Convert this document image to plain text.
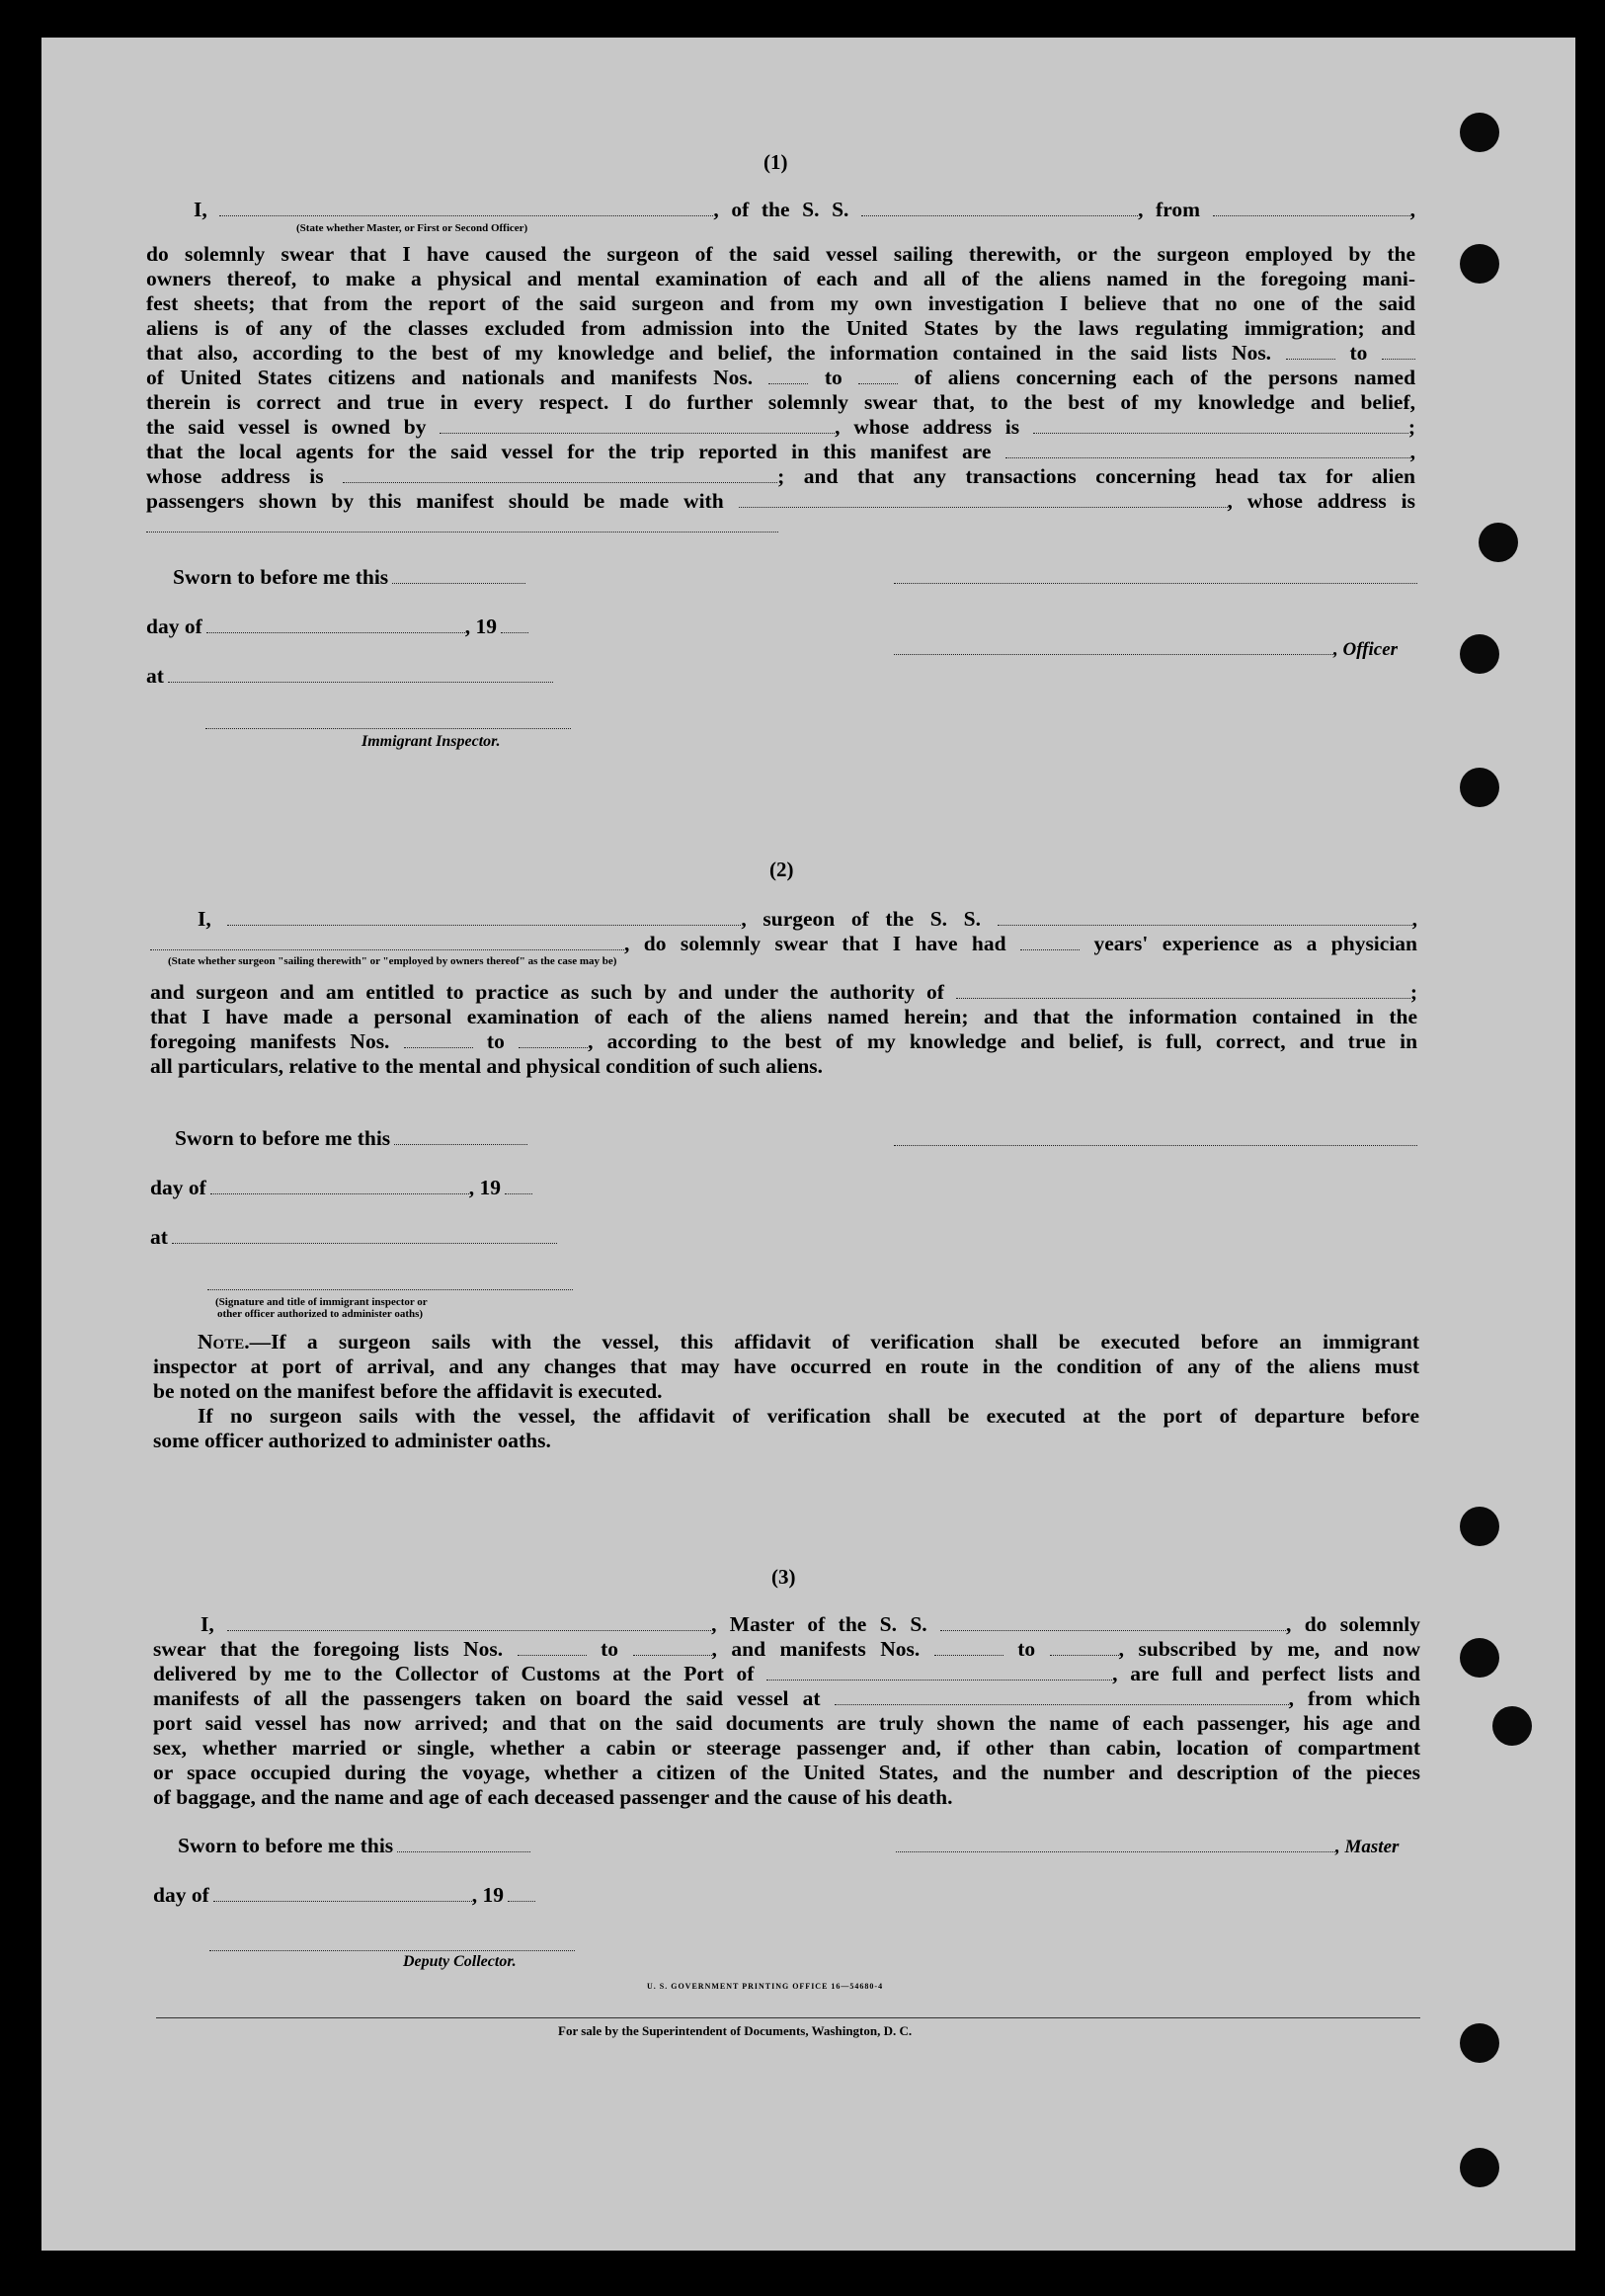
(1)
I,	, of the S. S.	, from	,
(State whether Master, or First or Second Officer)
do solemnly swear that I have caused the surgeon of the said vessel sailing therewith, or the surgeon employed by the
owners thereof, to make a physical and mental examination of each and all of the aliens named in the foregoing mani-
fest sheets; that from the report of the said surgeon and from my own investigation I believe that no one of the said
aliens is of any of the classes excluded from admission into the United States by the laws regulating immigration; and
that also, according to the best of my knowledge and belief, the information contained in the said lists Nos.	to
of United States citizens and nationals and manifests Nos.	to	of aliens concerning each of the persons named
therein is correct and true in every respect. I do further solemnly swear that, to the best of my knowledge and belief,
the said vessel is owned by	, whose address is	;
that the local agents for the said vessel for the trip reported in this manifest are	,
whose address is	; and that any transactions concerning head tax for alien
passengers shown by this manifest should be made with	, whose address is
Sworn to before me this
day of	, 19
, Officer
at
Immigrant Inspector.
(2)
I,	, surgeon of the S. S.	,
, do solemnly swear that I have had	years' experience as a physician
(State whether surgeon "sailing therewith" or "employed by owners thereof" as the case may be)
and surgeon and am entitled to practice as such by and under the authority of	;
that I have made a personal examination of each of the aliens named herein; and that the information contained in the
foregoing manifests Nos.	to	, according to the best of my knowledge and belief, is full, correct, and true in
all particulars, relative to the mental and physical condition of such aliens.
Sworn to before me this
day of	, 19
at
(Signature and title of immigrant inspector or
other officer authorized to administer oaths)
Note.—If a surgeon sails with the vessel, this affidavit of verification shall be executed before an immigrant
inspector at port of arrival, and any changes that may have occurred en route in the condition of any of the aliens must
be noted on the manifest before the affidavit is executed.
If no surgeon sails with the vessel, the affidavit of verification shall be executed at the port of departure before
some officer authorized to administer oaths.
(3)
I,	, Master of the S. S.	, do solemnly
swear that the foregoing lists Nos.	to	, and manifests Nos.	to	, subscribed by me, and now
delivered by me to the Collector of Customs at the Port of	, are full and perfect lists and
manifests of all the passengers taken on board the said vessel at	, from which
port said vessel has now arrived; and that on the said documents are truly shown the name of each passenger, his age and
sex, whether married or single, whether a cabin or steerage passenger and, if other than cabin, location of compartment
or space occupied during the voyage, whether a citizen of the United States, and the number and description of the pieces
of baggage, and the name and age of each deceased passenger and the cause of his death.
Sworn to before me this	, Master
day of	, 19
Deputy Collector.
U. S. GOVERNMENT PRINTING OFFICE 16—54680-4
For sale by the Superintendent of Documents, Washington, D. C.
